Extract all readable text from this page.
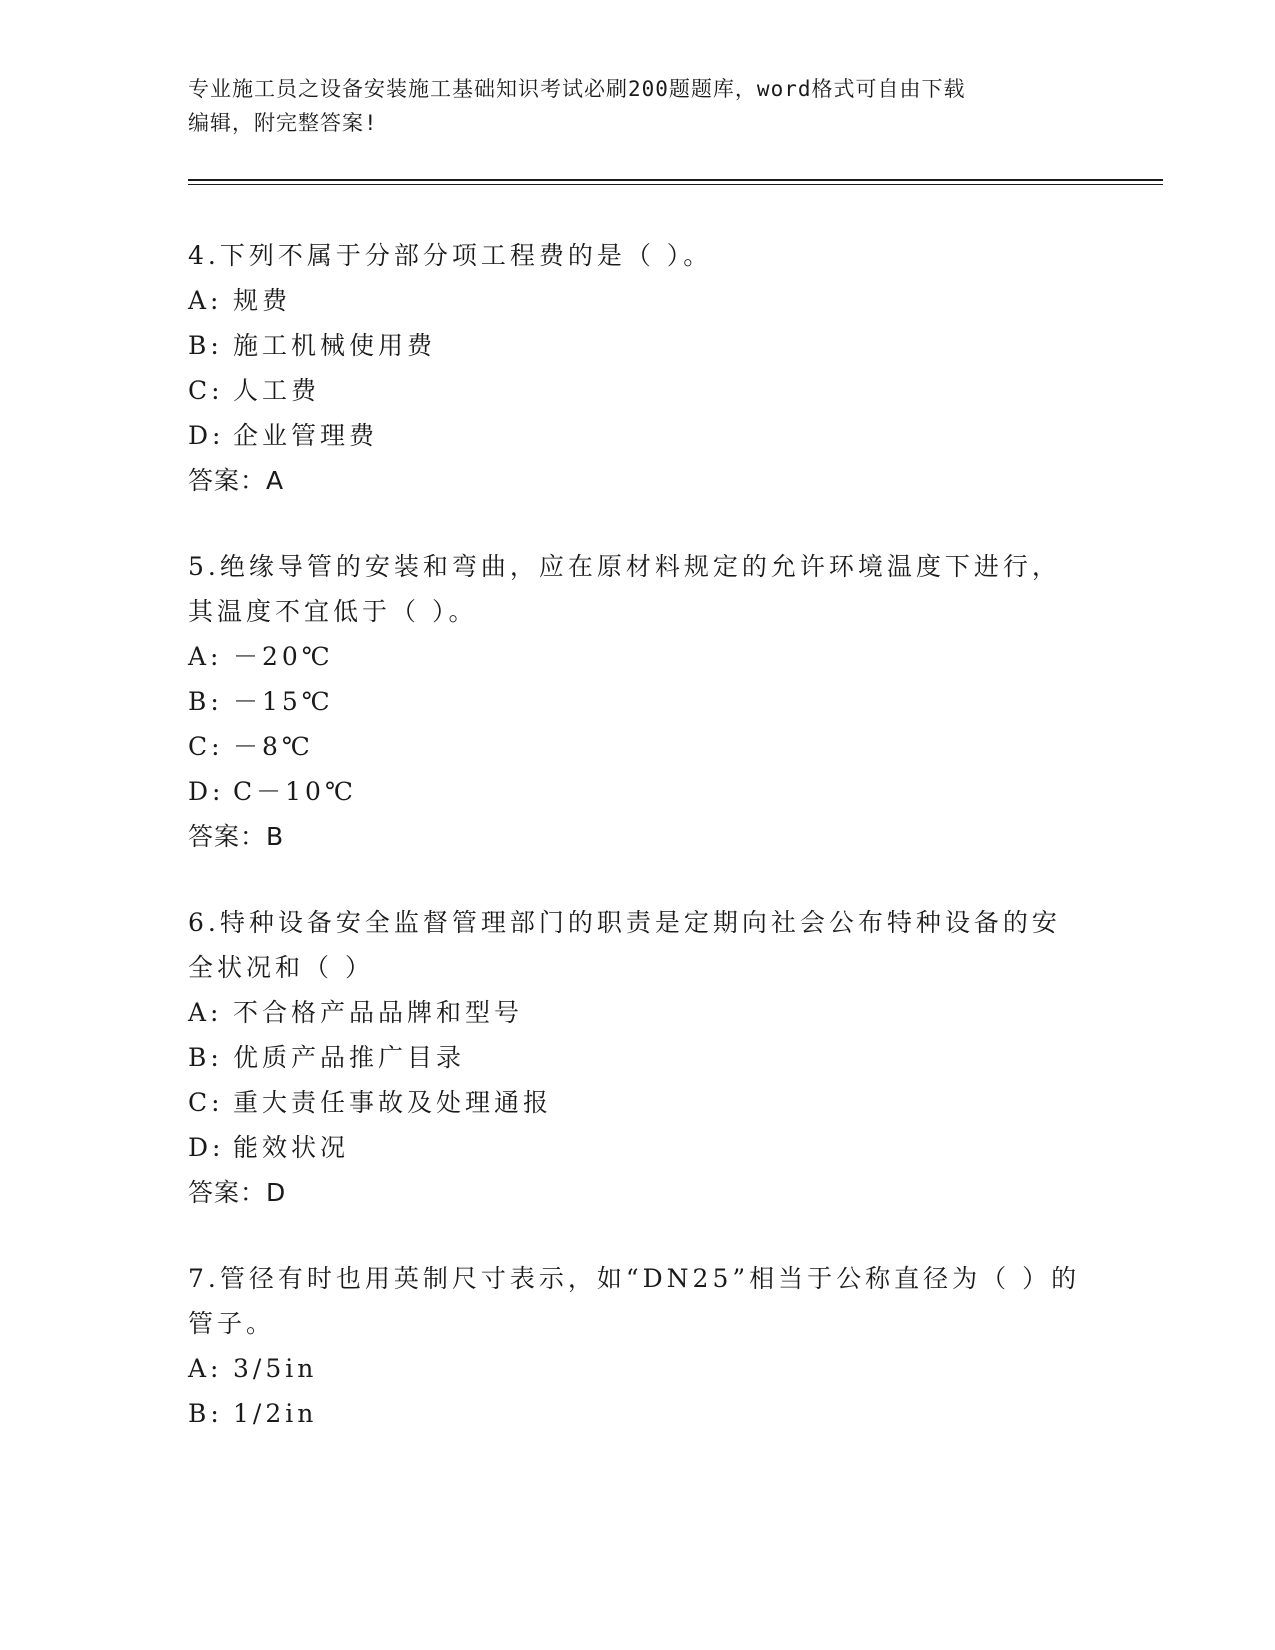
专业施工员之设备安装施工基础知识考试必刷200题题库，word格式可自由下载
编辑，附完整答案!
4.下列不属于分部分项工程费的是（ ）。
A: 规费
B: 施工机械使用费
C: 人工费
D: 企业管理费
答案：A
5.绝缘导管的安装和弯曲，应在原材料规定的允许环境温度下进行，
其温度不宜低于（ ）。
A: －20℃
B: －15℃
C: －8℃
D: C－10℃
答案：B
6.特种设备安全监督管理部门的职责是定期向社会公布特种设备的安
全状况和（ ）
A: 不合格产品品牌和型号
B: 优质产品推广目录
C: 重大责任事故及处理通报
D: 能效状况
答案：D
7.管径有时也用英制尺寸表示，如“DN25”相当于公称直径为（ ）的
管子。
A: 3/5in
B: 1/2in
